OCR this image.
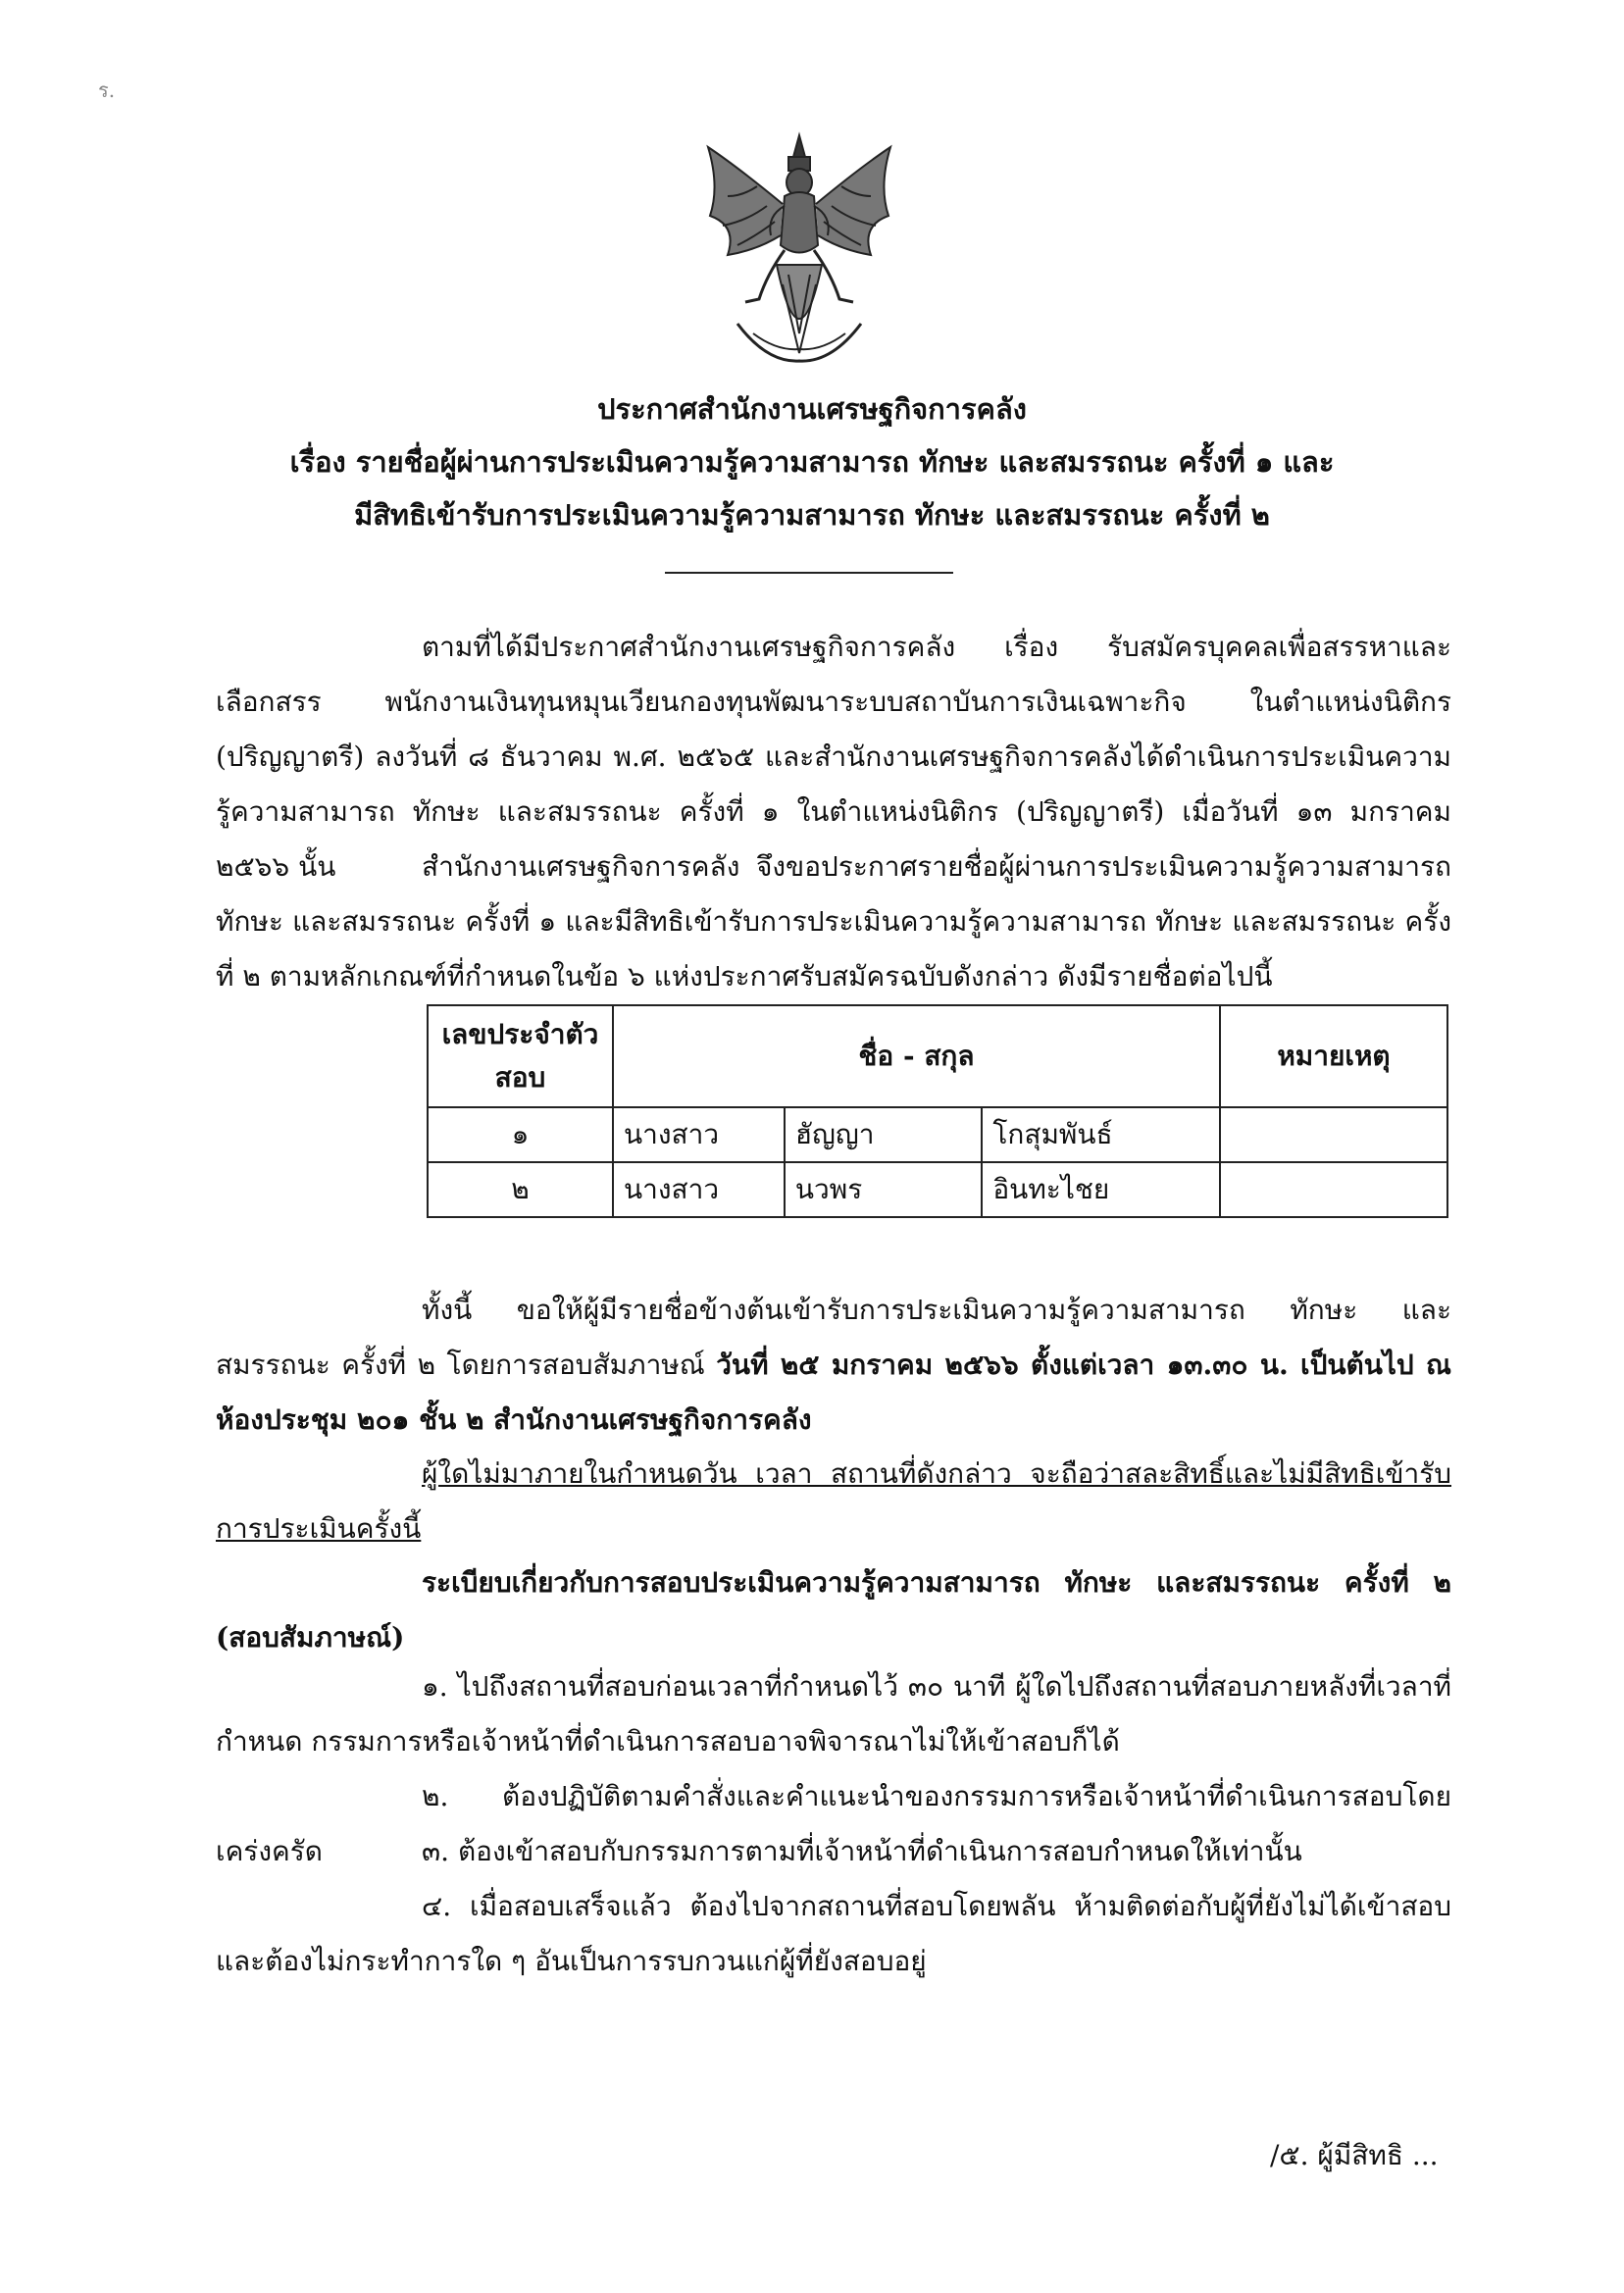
ร.
ประกาศสำนักงานเศรษฐกิจการคลัง
เรื่อง รายชื่อผู้ผ่านการประเมินความรู้ความสามารถ ทักษะ และสมรรถนะ ครั้งที่ ๑ และ
มีสิทธิเข้ารับการประเมินความรู้ความสามารถ ทักษะ และสมรรถนะ ครั้งที่ ๒

ตามที่ได้มีประกาศสำนักงานเศรษฐกิจการคลัง เรื่อง รับสมัครบุคคลเพื่อสรรหาและเลือกสรร พนักงานเงินทุนหมุนเวียนกองทุนพัฒนาระบบสถาบันการเงินเฉพาะกิจ ในตำแหน่งนิติกร (ปริญญาตรี) ลงวันที่ ๘ ธันวาคม พ.ศ. ๒๕๖๕ และสำนักงานเศรษฐกิจการคลังได้ดำเนินการประเมินความรู้ความสามารถ ทักษะ และสมรรถนะ ครั้งที่ ๑ ในตำแหน่งนิติกร (ปริญญาตรี) เมื่อวันที่ ๑๓ มกราคม ๒๕๖๖ นั้น	สำนักงานเศรษฐกิจการคลัง จึงขอประกาศรายชื่อผู้ผ่านการประเมินความรู้ความสามารถ ทักษะ และสมรรถนะ ครั้งที่ ๑ และมีสิทธิเข้ารับการประเมินความรู้ความสามารถ ทักษะ และสมรรถนะ ครั้งที่ ๒ ตามหลักเกณฑ์ที่กำหนดในข้อ ๖ แห่งประกาศรับสมัครฉบับดังกล่าว ดังมีรายชื่อต่อไปนี้

เลขประจำตัว สอบ	ชื่อ - สกุล			หมายเหตุ
๑	นางสาว	ฮัญญา	โกสุมพันธ์	
๒	นางสาว	นวพร	อินทะไชย	

ทั้งนี้ ขอให้ผู้มีรายชื่อข้างต้นเข้ารับการประเมินความรู้ความสามารถ ทักษะ และสมรรถนะ ครั้งที่ ๒ โดยการสอบสัมภาษณ์ วันที่ ๒๕ มกราคม ๒๕๖๖ ตั้งแต่เวลา ๑๓.๓๐ น. เป็นต้นไป ณ ห้องประชุม ๒๐๑ ชั้น ๒ สำนักงานเศรษฐกิจการคลัง

ผู้ใดไม่มาภายในกำหนดวัน เวลา สถานที่ดังกล่าว จะถือว่าสละสิทธิ์และไม่มีสิทธิเข้ารับการประเมินครั้งนี้

ระเบียบเกี่ยวกับการสอบประเมินความรู้ความสามารถ ทักษะ และสมรรถนะ ครั้งที่ ๒ (สอบสัมภาษณ์)

๑. ไปถึงสถานที่สอบก่อนเวลาที่กำหนดไว้ ๓๐ นาที ผู้ใดไปถึงสถานที่สอบภายหลังที่เวลาที่กำหนด กรรมการหรือเจ้าหน้าที่ดำเนินการสอบอาจพิจารณาไม่ให้เข้าสอบก็ได้

๒. ต้องปฏิบัติตามคำสั่งและคำแนะนำของกรรมการหรือเจ้าหน้าที่ดำเนินการสอบโดยเคร่งครัด	๓. ต้องเข้าสอบกับกรรมการตามที่เจ้าหน้าที่ดำเนินการสอบกำหนดให้เท่านั้น

๔. เมื่อสอบเสร็จแล้ว ต้องไปจากสถานที่สอบโดยพลัน ห้ามติดต่อกับผู้ที่ยังไม่ได้เข้าสอบ และต้องไม่กระทำการใด ๆ อันเป็นการรบกวนแก่ผู้ที่ยังสอบอยู่

/๕. ผู้มีสิทธิ ...
